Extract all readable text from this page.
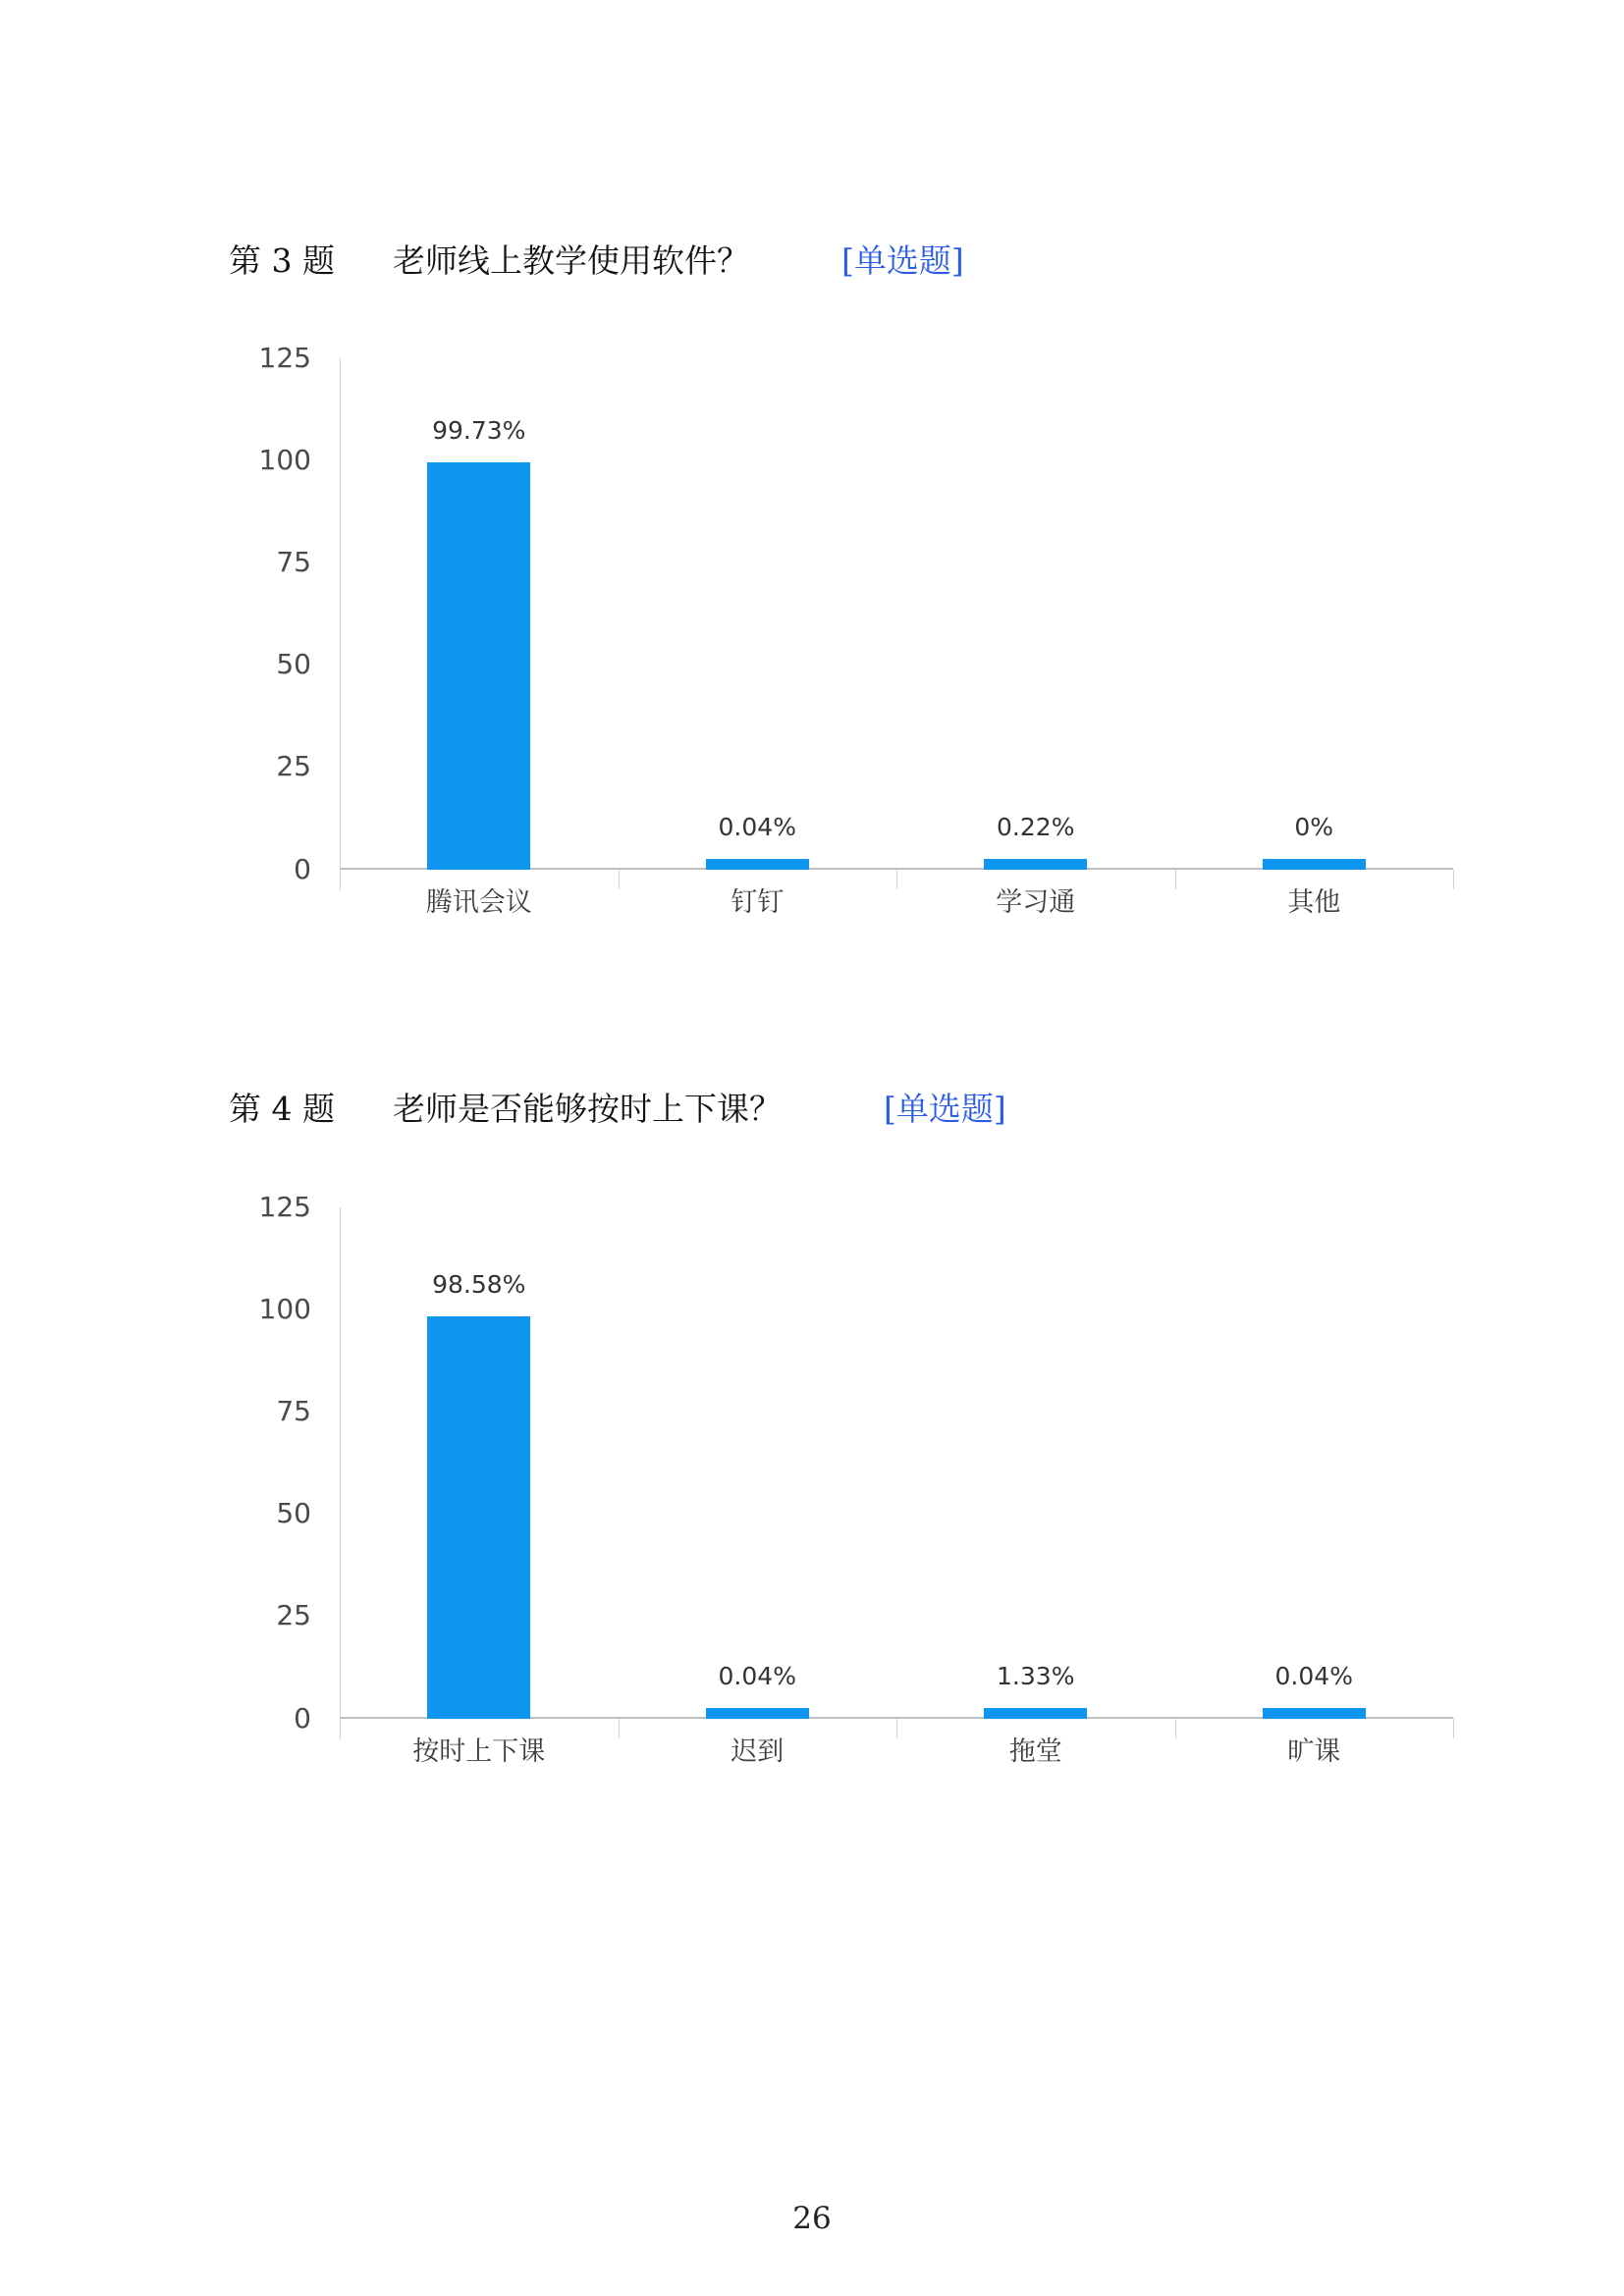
第 3 题 老师线上教学使用软件？	[单选题]
125
100
75
50
25
0
99.73%
腾讯会议
0.04%
钉钉
0.22%
学习通
0%
其他
第 4 题 老师是否能够按时上下课？	[单选题]
125
100
75
50
25
0
98.58%
按时上下课
0.04%
迟到
1.33%
拖堂
0.04%
旷课
26
